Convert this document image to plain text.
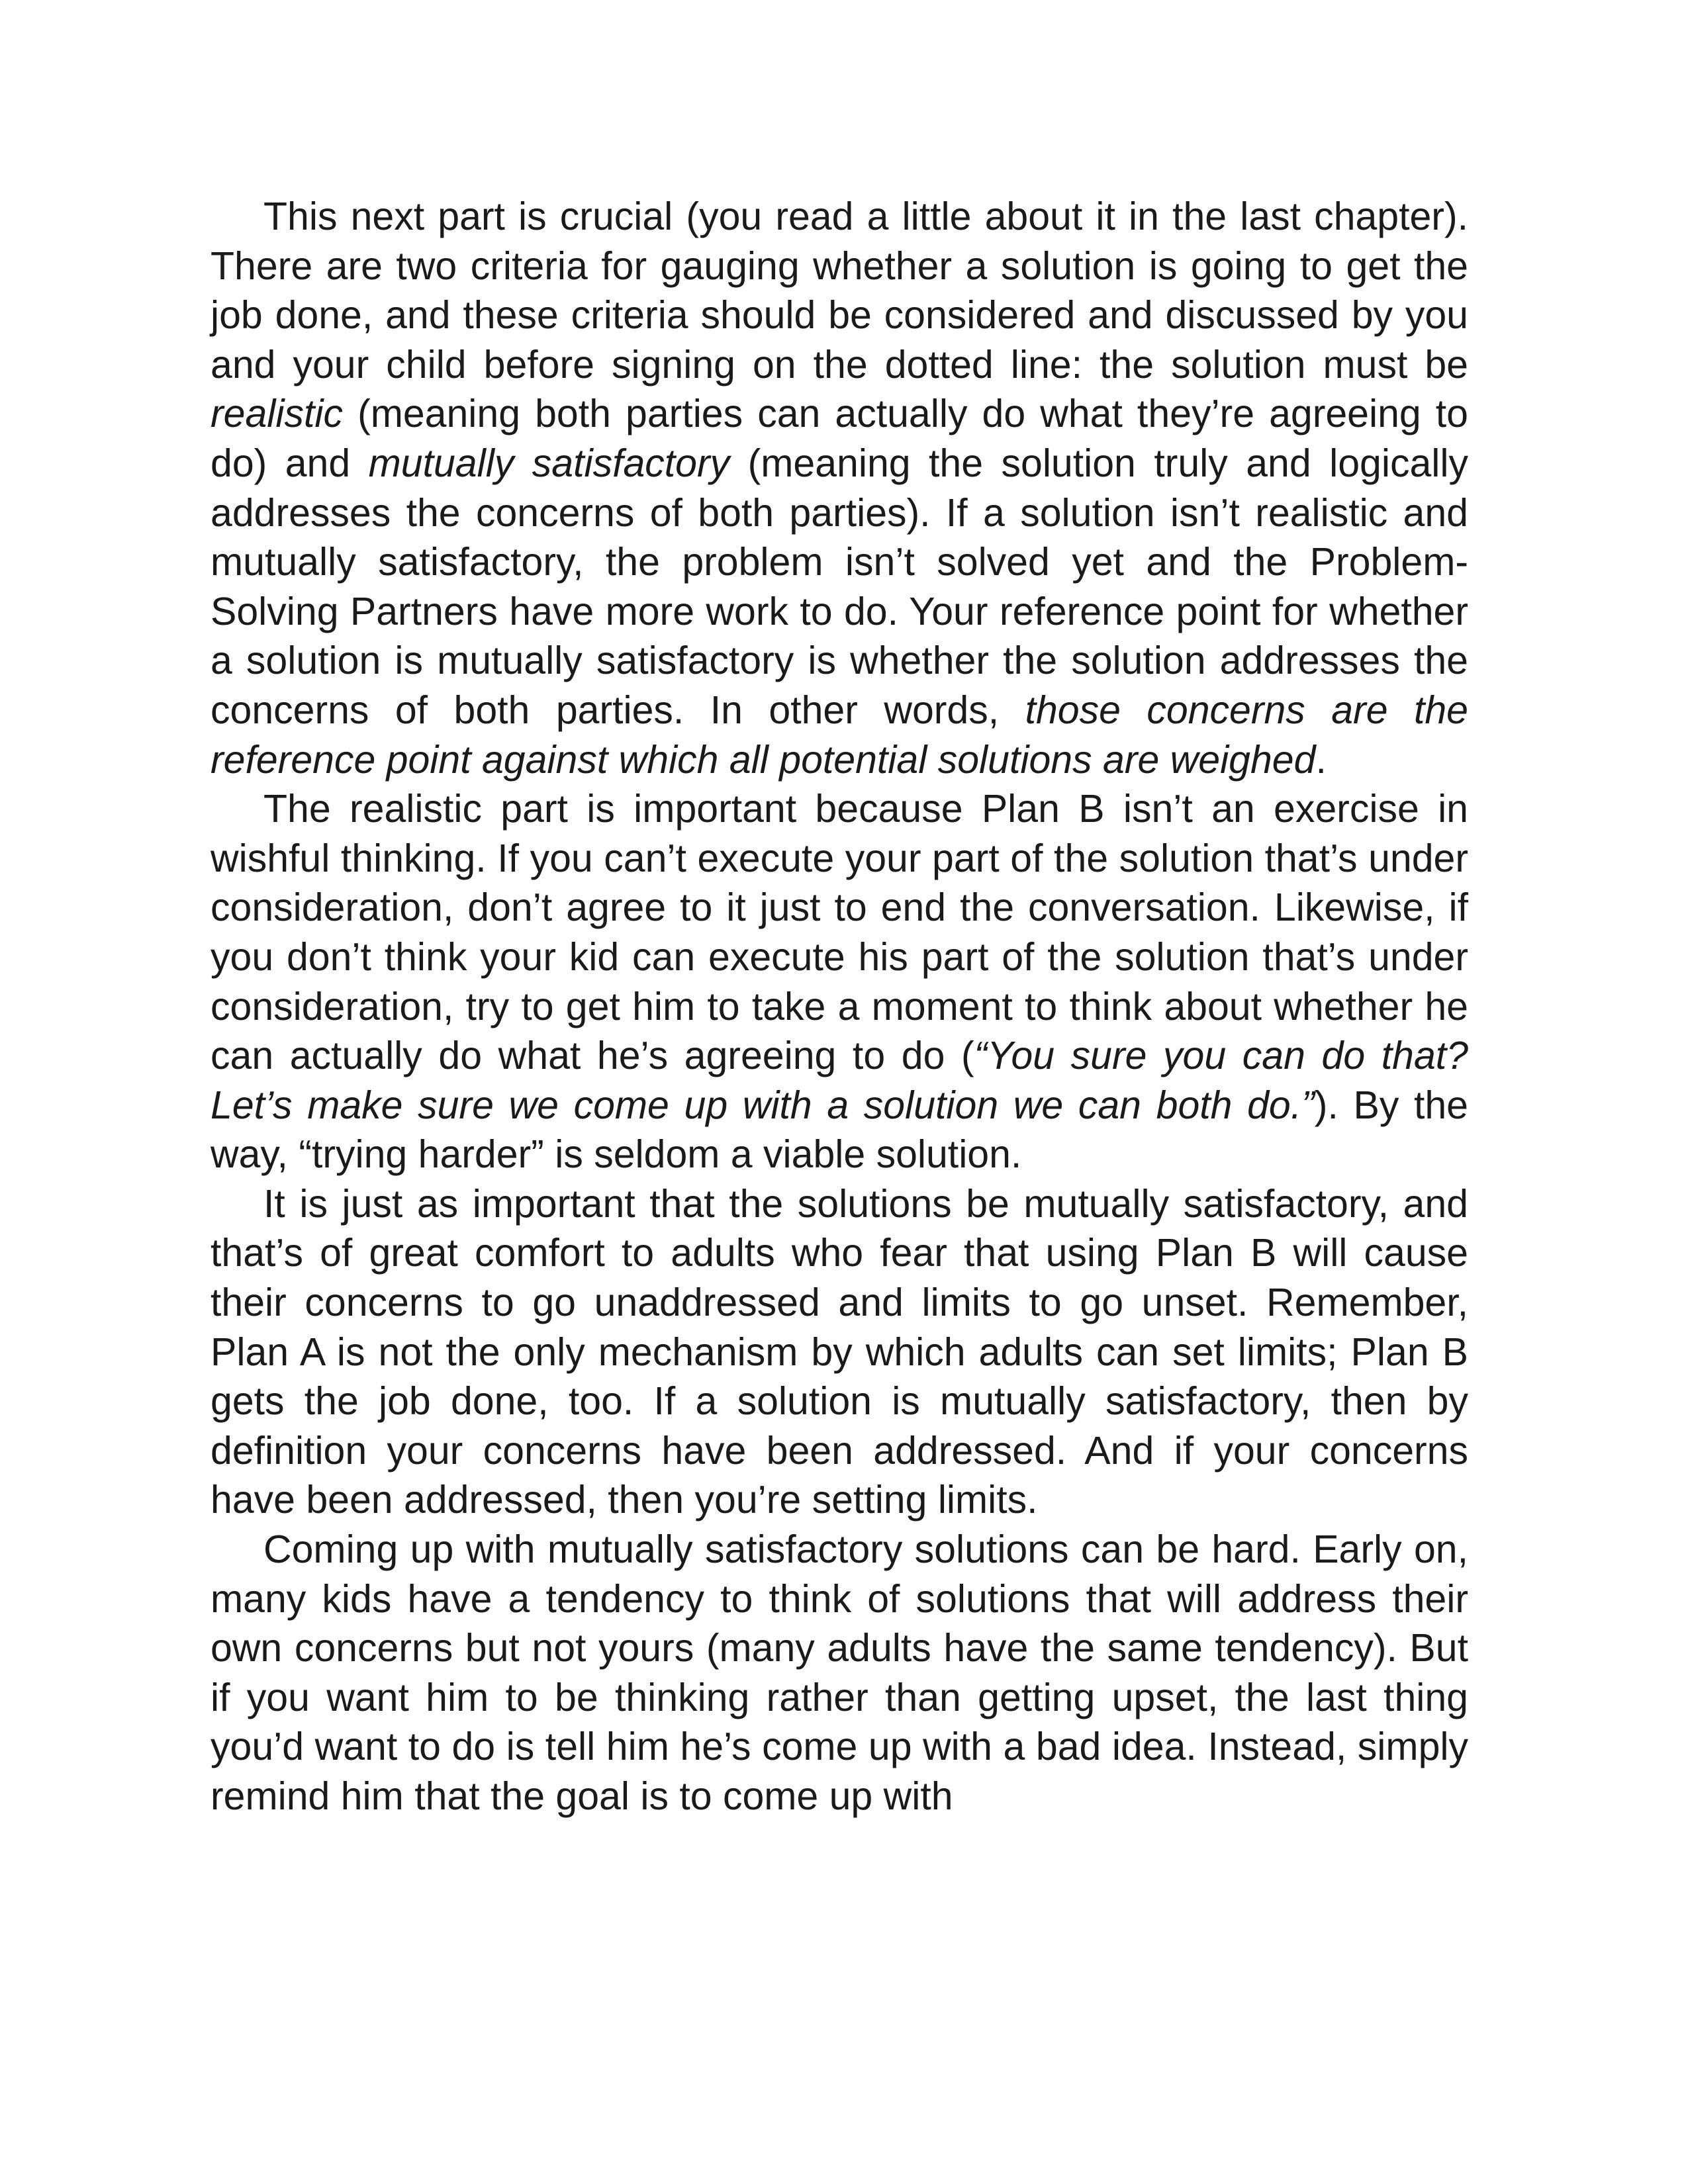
This next part is crucial (you read a little about it in the last chapter). There are two criteria for gauging whether a solution is going to get the job done, and these criteria should be considered and discussed by you and your child before signing on the dotted line: the solution must be realistic (meaning both parties can actually do what they’re agreeing to do) and mutually satisfactory (meaning the solution truly and logically addresses the concerns of both parties). If a solution isn’t realistic and mutually satisfactory, the problem isn’t solved yet and the Problem-Solving Partners have more work to do. Your reference point for whether a solution is mutually satisfactory is whether the solution addresses the concerns of both parties. In other words, those concerns are the reference point against which all potential solutions are weighed.

The realistic part is important because Plan B isn’t an exercise in wishful thinking. If you can’t execute your part of the solution that’s under consideration, don’t agree to it just to end the conversation. Likewise, if you don’t think your kid can execute his part of the solution that’s under consideration, try to get him to take a moment to think about whether he can actually do what he’s agreeing to do (“You sure you can do that? Let’s make sure we come up with a solution we can both do.”). By the way, “trying harder” is seldom a viable solution.

It is just as important that the solutions be mutually satisfactory, and that’s of great comfort to adults who fear that using Plan B will cause their concerns to go unaddressed and limits to go unset. Remember, Plan A is not the only mechanism by which adults can set limits; Plan B gets the job done, too. If a solution is mutually satisfactory, then by definition your concerns have been addressed. And if your concerns have been addressed, then you’re setting limits.

Coming up with mutually satisfactory solutions can be hard. Early on, many kids have a tendency to think of solutions that will address their own concerns but not yours (many adults have the same tendency). But if you want him to be thinking rather than getting upset, the last thing you’d want to do is tell him he’s come up with a bad idea. Instead, simply remind him that the goal is to come up with
